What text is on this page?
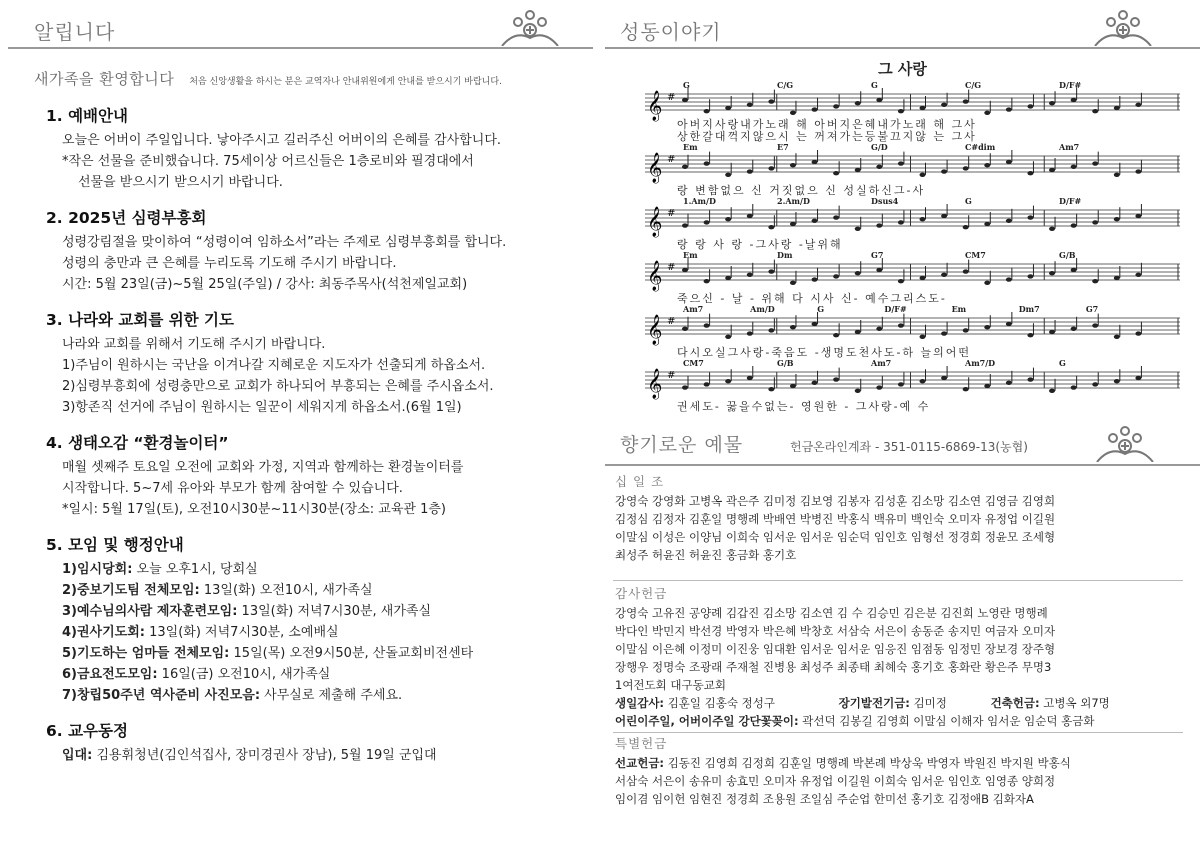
알립니다
새가족을 환영합니다 처음 신앙생활을 하시는 분은 교역자나 안내위원에게 안내를 받으시기 바랍니다.
1. 예배안내
오늘은 어버이 주일입니다. 낳아주시고 길러주신 어버이의 은혜를 감사합니다.
*작은 선물을 준비했습니다. 75세이상 어르신들은 1층로비와 필경대에서
선물을 받으시기 받으시기 바랍니다.
2. 2025년 심령부흥회
성령강림절을 맞이하여 “성령이여 임하소서”라는 주제로 심령부흥회를 합니다.
성령의 충만과 큰 은혜를 누리도록 기도해 주시기 바랍니다.
시간: 5월 23일(금)~5월 25일(주일) / 강사: 최동주목사(석천제일교회)
3. 나라와 교회를 위한 기도
나라와 교회를 위해서 기도해 주시기 바랍니다.
1)주님이 원하시는 국난을 이겨나갈 지혜로운 지도자가 선출되게 하옵소서.
2)심령부흥회에 성령충만으로 교회가 하나되어 부흥되는 은혜를 주시옵소서.
3)항존직 선거에 주님이 원하시는 일꾼이 세워지게 하옵소서.(6월 1일)
4. 생태오감 “환경놀이터”
매월 셋째주 토요일 오전에 교회와 가정, 지역과 함께하는 환경놀이터를
시작합니다. 5~7세 유아와 부모가 함께 참여할 수 있습니다.
*일시: 5월 17일(토), 오전10시30분~11시30분(장소: 교육관 1층)
5. 모임 및 행정안내
1)임시당회: 오늘 오후1시, 당회실
2)중보기도팀 전체모임: 13일(화) 오전10시, 새가족실
3)예수님의사람 제자훈련모임: 13일(화) 저녁7시30분, 새가족실
4)권사기도회: 13일(화) 저녁7시30분, 소예배실
5)기도하는 엄마들 전체모임: 15일(목) 오전9시50분, 산돌교회비전센타
6)금요전도모임: 16일(금) 오전10시, 새가족실
7)창립50주년 역사준비 사진모음: 사무실로 제출해 주세요.
6. 교우동정
입대: 김용휘청년(김인석집사, 장미경권사 장남), 5월 19일 군입대
성동이야기
그 사랑
G	C/G	G	C/G	D/F#
𝄞 #
아버지사랑내가노래 해 아버지은혜내가노래 해 그사
상한갈대꺽지않으시 는 꺼져가는등불끄지않 는 그사
Em	E7	G/D	C#dim	Am7
𝄞 #
랑 변함없으 신 거짓없으 신 성실하신그-사
1.Am/D	2.Am/D	Dsus4	G	D/F#
𝄞 #
랑 랑 사 랑 -그사랑 -날위해
Em	Dm	G7	CM7	G/B
𝄞 #
죽으신 - 날 - 위해 다 시사 신- 예수그리스도-
Am7	Am/D	G	D/F#	Em	Dm7	G7
𝄞 #
다시오실그사랑-죽음도 -생명도천사도-하 늘의어떤
CM7	G/B	Am7	Am7/D	G
𝄞 #
권세도- 꿇을수없는- 영원한 - 그사랑-예 수
향기로운 예물	헌금온라인계좌 - 351-0115-6869-13(농협)
십 일 조
강영숙 강영화 고병옥 곽은주 김미정 김보영 김봉자 김성훈 김소망 김소연 김영금 김영희
김정심 김정자 김훈일 명행례 박배연 박병진 박홍식 백유미 백인숙 오미자 유정업 이길원
이말심 이성은 이양님 이희숙 임서운 임서운 임순덕 임인호 임형선 정경희 정윤모 조세형
최성주 허윤진 허윤진 홍금화 홍기호
감사헌금
강영숙 고유진 공양례 김갑진 김소망 김소연 김 수 김승민 김은분 김진희 노영란 명행례
박다인 박민지 박선경 박영자 박은혜 박창호 서삼숙 서은이 송동준 송지민 여금자 오미자
이말심 이은혜 이정미 이진웅 임대환 임서운 임서운 임응진 임점동 임정민 장보경 장주형
장행우 정명숙 조광래 주재철 진병용 최성주 최종태 최혜숙 홍기호 홍화란 황은주 무명3
1여전도회 대구동교회
생일감사: 김훈일 김홍숙 정성구	장기발전기금: 김미정	건축헌금: 고병옥 외7명
어린이주일, 어버이주일 강단꽃꽂이: 곽선덕 김봉길 김영희 이말심 이해자 임서운 임순덕 홍금화
특별헌금
선교헌금: 김동진 김영희 김정희 김훈일 명행례 박본례 박상욱 박영자 박원진 박지원 박홍식
서삼숙 서은이 송유미 송효민 오미자 유정업 이길원 이희숙 임서운 임인호 임영종 양희정
임이겸 임이헌 임현진 정경희 조용원 조일심 주순업 한미선 홍기호 김정애B 김화자A
